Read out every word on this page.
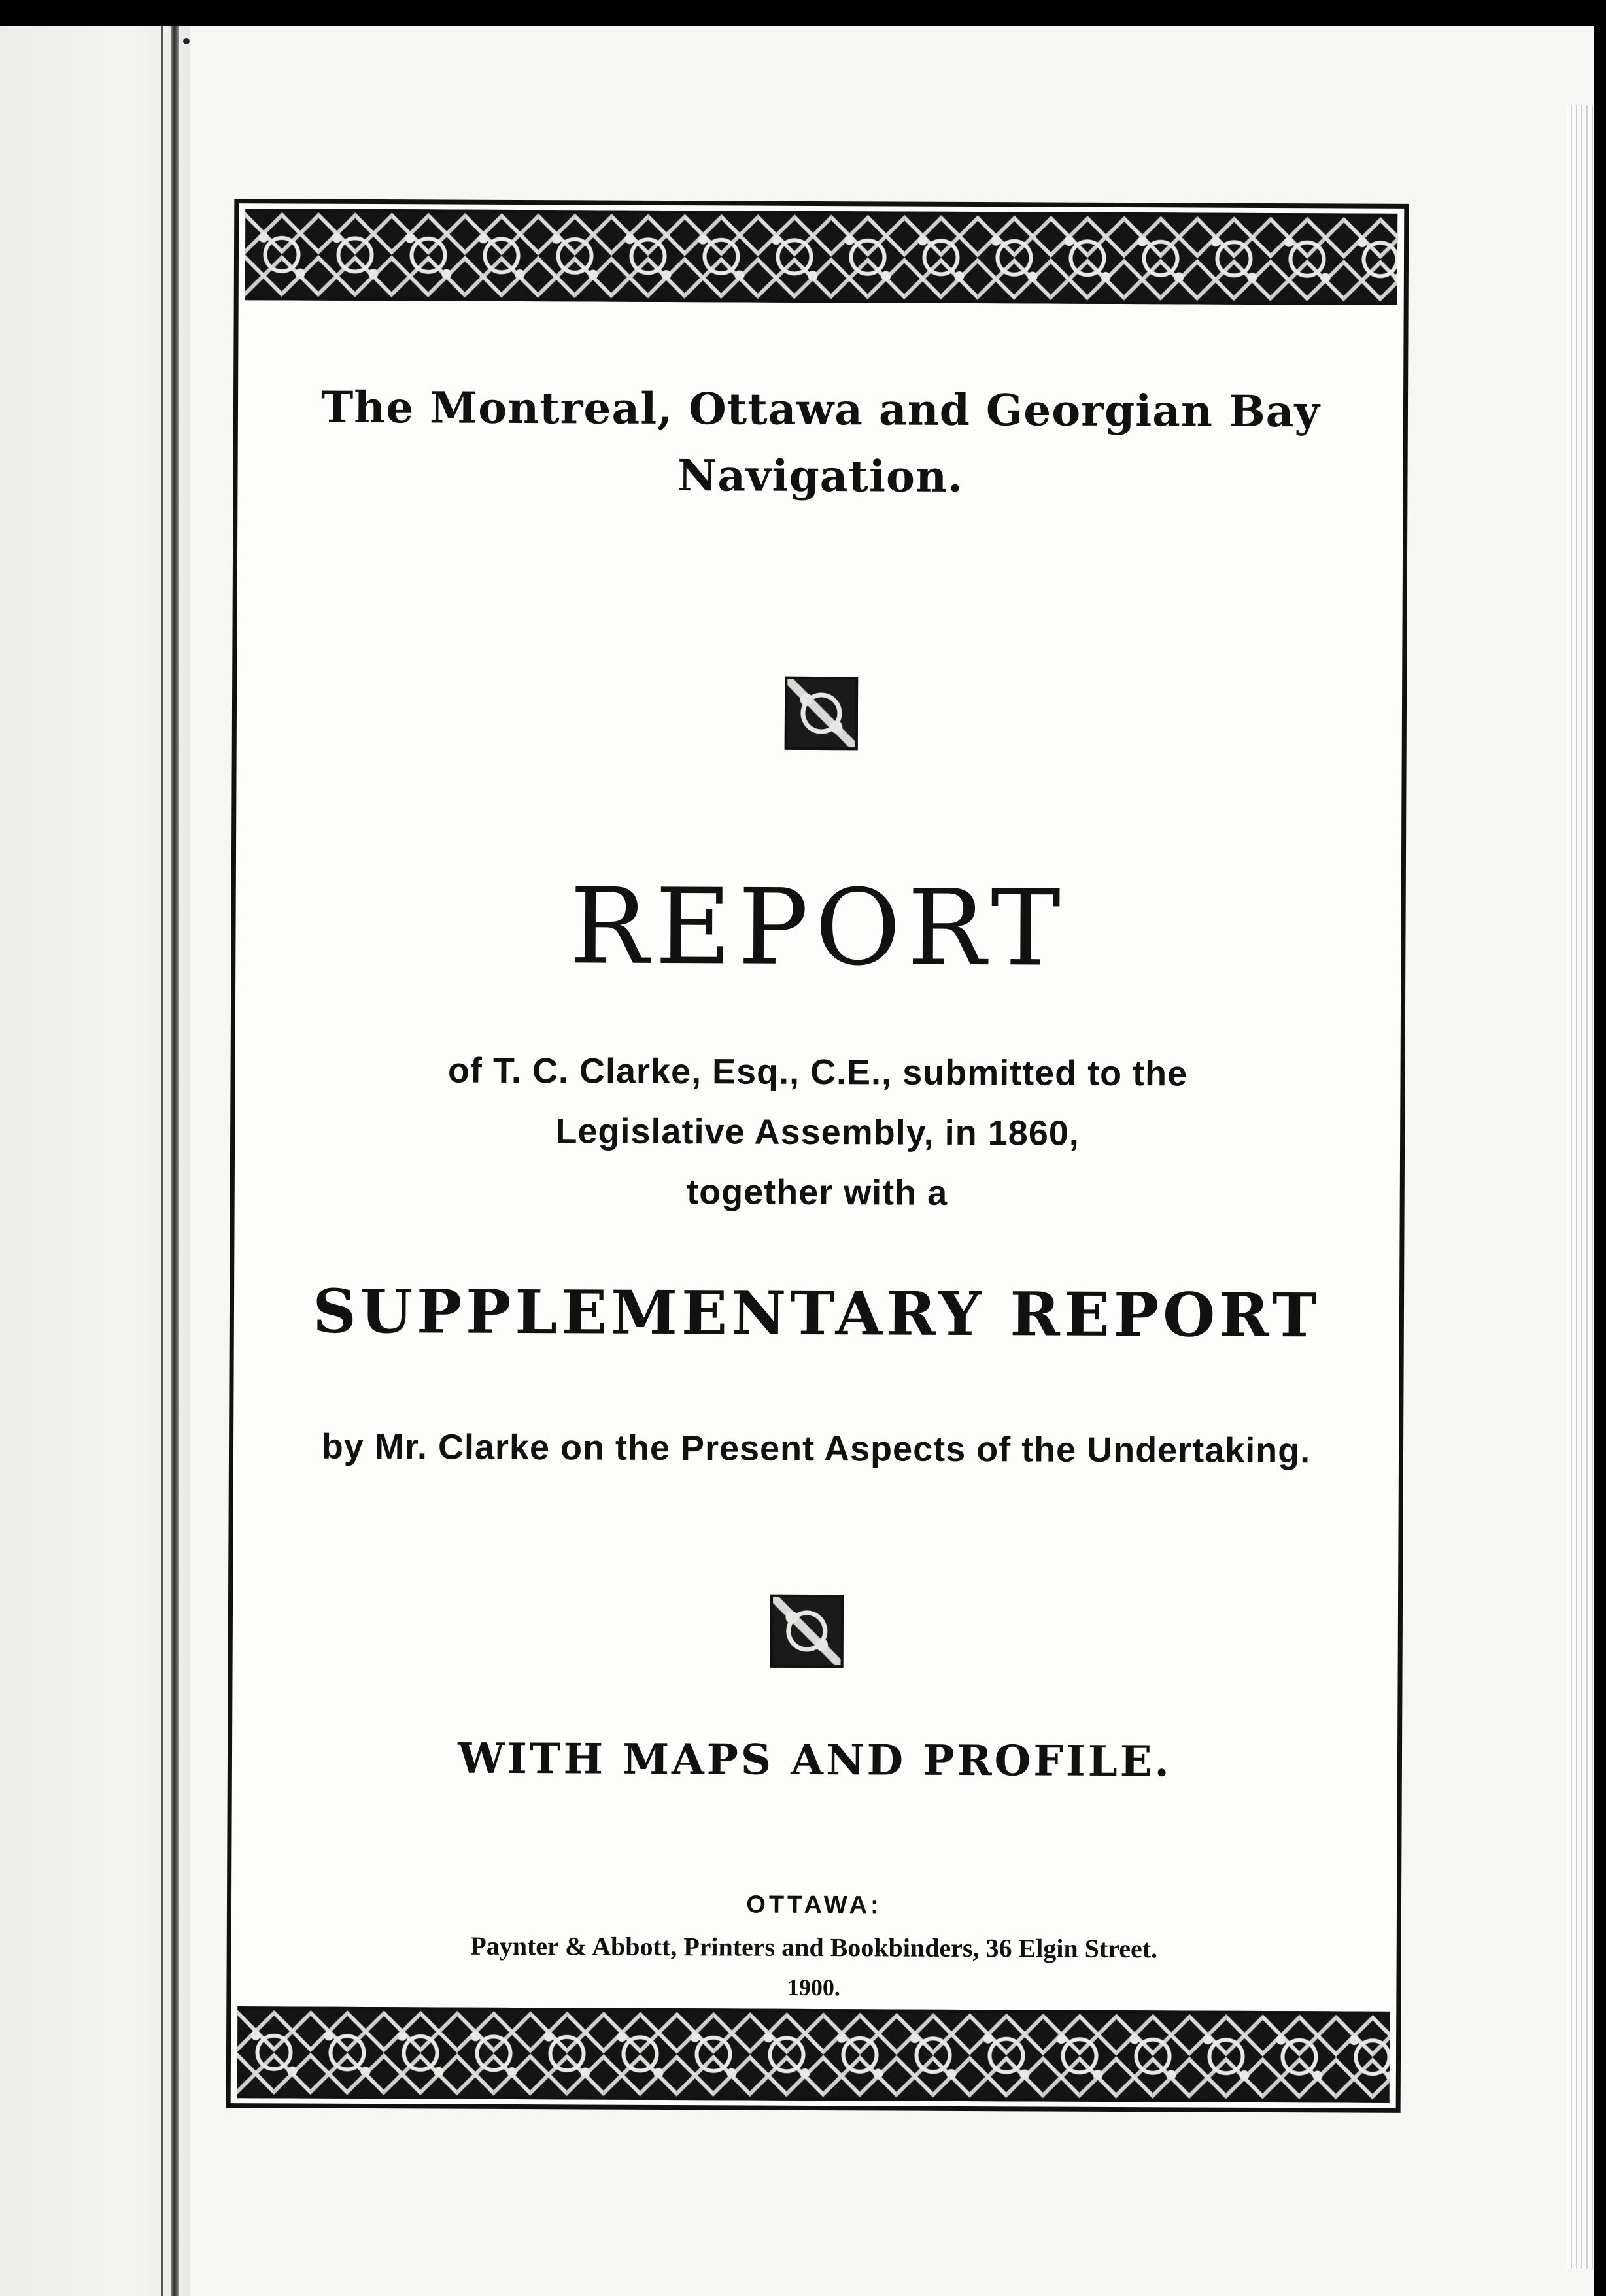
The Montreal, Ottawa and Georgian Bay
Navigation.
REPORT
of T. C. Clarke, Esq., C.E., submitted to the
Legislative Assembly, in 1860,
together with a
SUPPLEMENTARY REPORT
by Mr. Clarke on the Present Aspects of the Undertaking.
WITH MAPS AND PROFILE.
OTTAWA:
Paynter & Abbott, Printers and Bookbinders, 36 Elgin Street.
1900.
